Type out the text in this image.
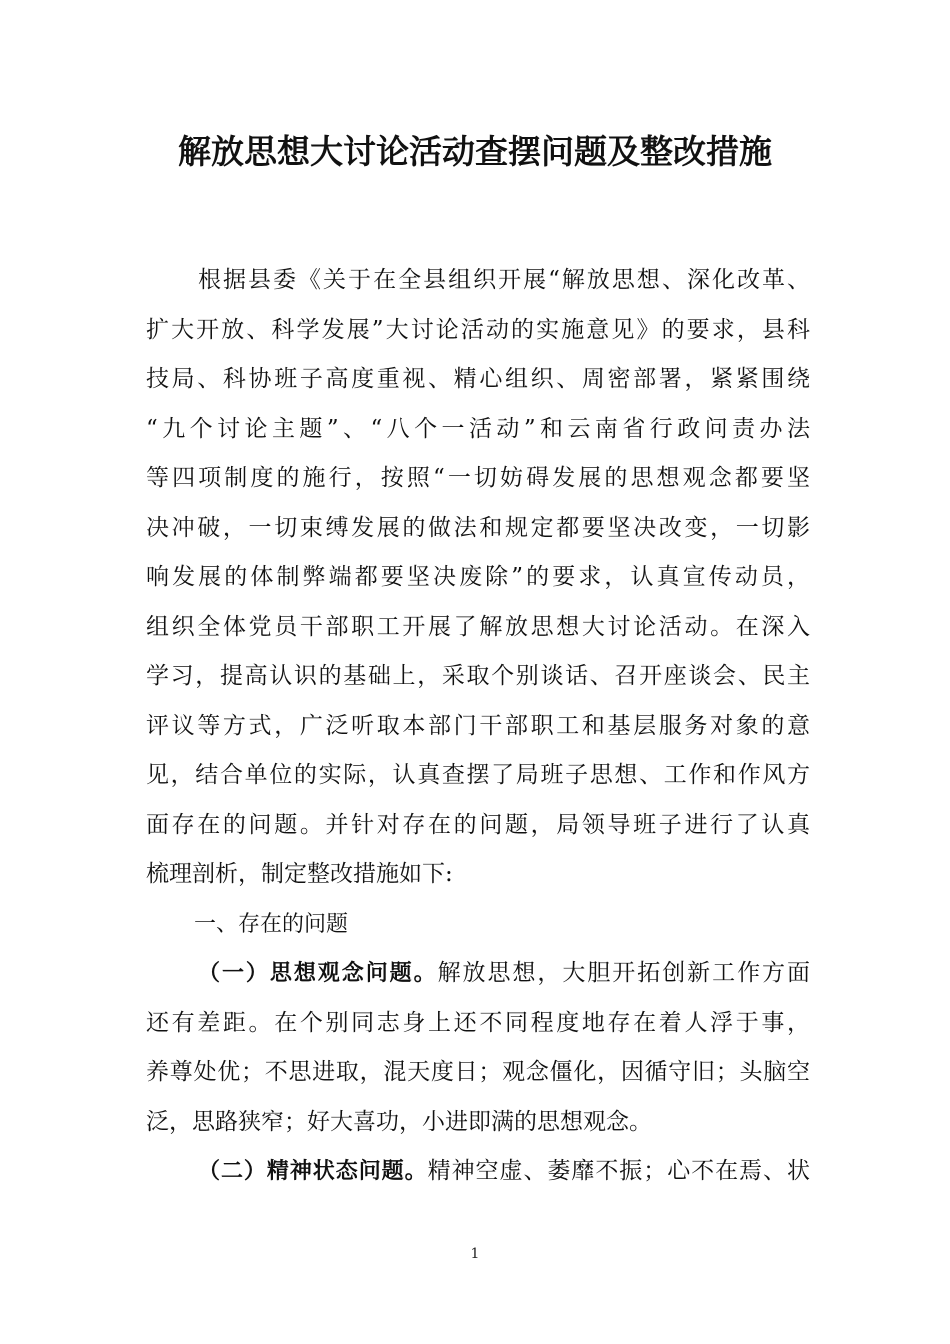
解放思想大讨论活动查摆问题及整改措施
根据县委《关于在全县组织开展“解放思想、深化改革、
扩大开放、科学发展”大讨论活动的实施意见》的要求，县科
技局、科协班子高度重视、精心组织、周密部署，紧紧围绕
“九个讨论主题”、“八个一活动”和云南省行政问责办法
等四项制度的施行，按照“一切妨碍发展的思想观念都要坚
决冲破，一切束缚发展的做法和规定都要坚决改变，一切影
响发展的体制弊端都要坚决废除”的要求，认真宣传动员，
组织全体党员干部职工开展了解放思想大讨论活动。在深入
学习，提高认识的基础上，采取个别谈话、召开座谈会、民主
评议等方式，广泛听取本部门干部职工和基层服务对象的意
见，结合单位的实际，认真查摆了局班子思想、工作和作风方
面存在的问题。并针对存在的问题，局领导班子进行了认真
梳理剖析，制定整改措施如下:
一、存在的问题
（一）思想观念问题。解放思想，大胆开拓创新工作方面
还有差距。在个别同志身上还不同程度地存在着人浮于事，
养尊处优；不思进取，混天度日；观念僵化，因循守旧；头脑空
泛，思路狭窄；好大喜功，小进即满的思想观念。
（二）精神状态问题。精神空虚、萎靡不振；心不在焉、状
1
